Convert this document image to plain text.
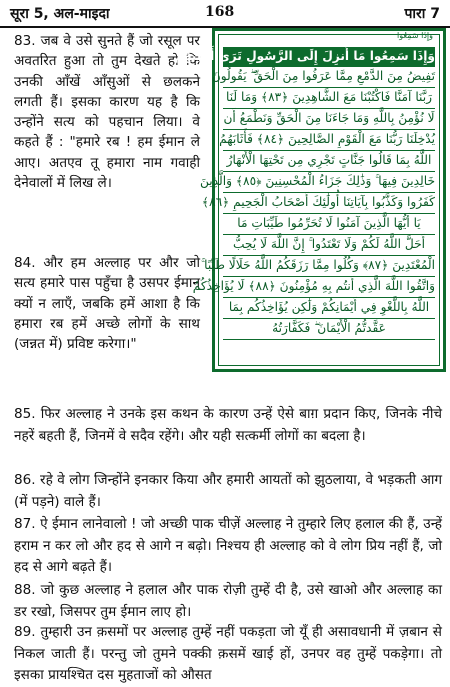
सूरा 5, अल-माइदा	168	पारा 7

83. जब वे उसे सुनते हैं जो रसूल पर अवतरित हुआ तो तुम देखते हो कि उनकी आँखें आँसुओं से छलकने लगती हैं। इसका कारण यह है कि उन्होंने सत्य को पहचान लिया। वे कहते हैं : "हमारे रब ! हम ईमान ले आए। अतएव तू हमारा नाम गवाही देनेवालों में लिख ले।

84. और हम अल्लाह पर और जो सत्य हमारे पास पहुँचा है उसपर ईमान क्यों न लाएँ, जबकि हमें आशा है कि हमारा रब हमें अच्छे लोगों के साथ (जन्नत में) प्रविष्ट करेगा।"

وَإِذَا سَمِعُوا
وَإِذَا سَمِعُوا مَا أُنزِلَ إِلَى الرَّسُولِ تَرَىٰ أَعْيُنَهُمْ
تَفِيضُ مِنَ الدَّمْعِ مِمَّا عَرَفُوا مِنَ الْحَقِّ ۖ يَقُولُونَ
رَبَّنَا آمَنَّا فَاكْتُبْنَا مَعَ الشَّاهِدِينَ ﴿٨٣﴾ وَمَا لَنَا
لَا نُؤْمِنُ بِاللَّهِ وَمَا جَاءَنَا مِنَ الْحَقِّ وَنَطْمَعُ أَن
يُدْخِلَنَا رَبُّنَا مَعَ الْقَوْمِ الصَّالِحِينَ ﴿٨٤﴾ فَأَثَابَهُمُ
اللَّهُ بِمَا قَالُوا جَنَّاتٍ تَجْرِي مِن تَحْتِهَا الْأَنْهَارُ
خَالِدِينَ فِيهَا ۚ وَذَٰلِكَ جَزَاءُ الْمُحْسِنِينَ ﴿٨٥﴾ وَالَّذِينَ
كَفَرُوا وَكَذَّبُوا بِآيَاتِنَا أُولَٰئِكَ أَصْحَابُ الْجَحِيمِ ﴿٨٦﴾
يَا أَيُّهَا الَّذِينَ آمَنُوا لَا تُحَرِّمُوا طَيِّبَاتِ مَا
أَحَلَّ اللَّهُ لَكُمْ وَلَا تَعْتَدُوا ۚ إِنَّ اللَّهَ لَا يُحِبُّ
الْمُعْتَدِينَ ﴿٨٧﴾ وَكُلُوا مِمَّا رَزَقَكُمُ اللَّهُ حَلَالًا طَيِّبًا ۚ
وَاتَّقُوا اللَّهَ الَّذِي أَنتُم بِهِ مُؤْمِنُونَ ﴿٨٨﴾ لَا يُؤَاخِذُكُمُ
اللَّهُ بِاللَّغْوِ فِي أَيْمَانِكُمْ وَلَٰكِن يُؤَاخِذُكُم بِمَا
عَقَّدتُّمُ الْأَيْمَانَ ۖ فَكَفَّارَتُهُ

85. फिर अल्लाह ने उनके इस कथन के कारण उन्हें ऐसे बाग़ प्रदान किए, जिनके नीचे नहरें बहती हैं, जिनमें वे सदैव रहेंगे। और यही सत्कर्मी लोगों का बदला है।

86. रहे वे लोग जिन्होंने इनकार किया और हमारी आयतों को झुठलाया, वे भड़कती आग (में पड़ने) वाले हैं।

87. ऐ ईमान लानेवालो ! जो अच्छी पाक चीज़ें अल्लाह ने तुम्हारे लिए हलाल की हैं, उन्हें हराम न कर लो और हद से आगे न बढ़ो। निश्चय ही अल्लाह को वे लोग प्रिय नहीं हैं, जो हद से आगे बढ़ते हैं।

88. जो कुछ अल्लाह ने हलाल और पाक रोज़ी तुम्हें दी है, उसे खाओ और अल्लाह का डर रखो, जिसपर तुम ईमान लाए हो।

89. तुम्हारी उन क़समों पर अल्लाह तुम्हें नहीं पकड़ता जो यूँ ही असावधानी में ज़बान से निकल जाती हैं। परन्तु जो तुमने पक्की क़समें खाई हों, उनपर वह तुम्हें पकड़ेगा। तो इसका प्रायश्चित दस मुहताजों को औसत
